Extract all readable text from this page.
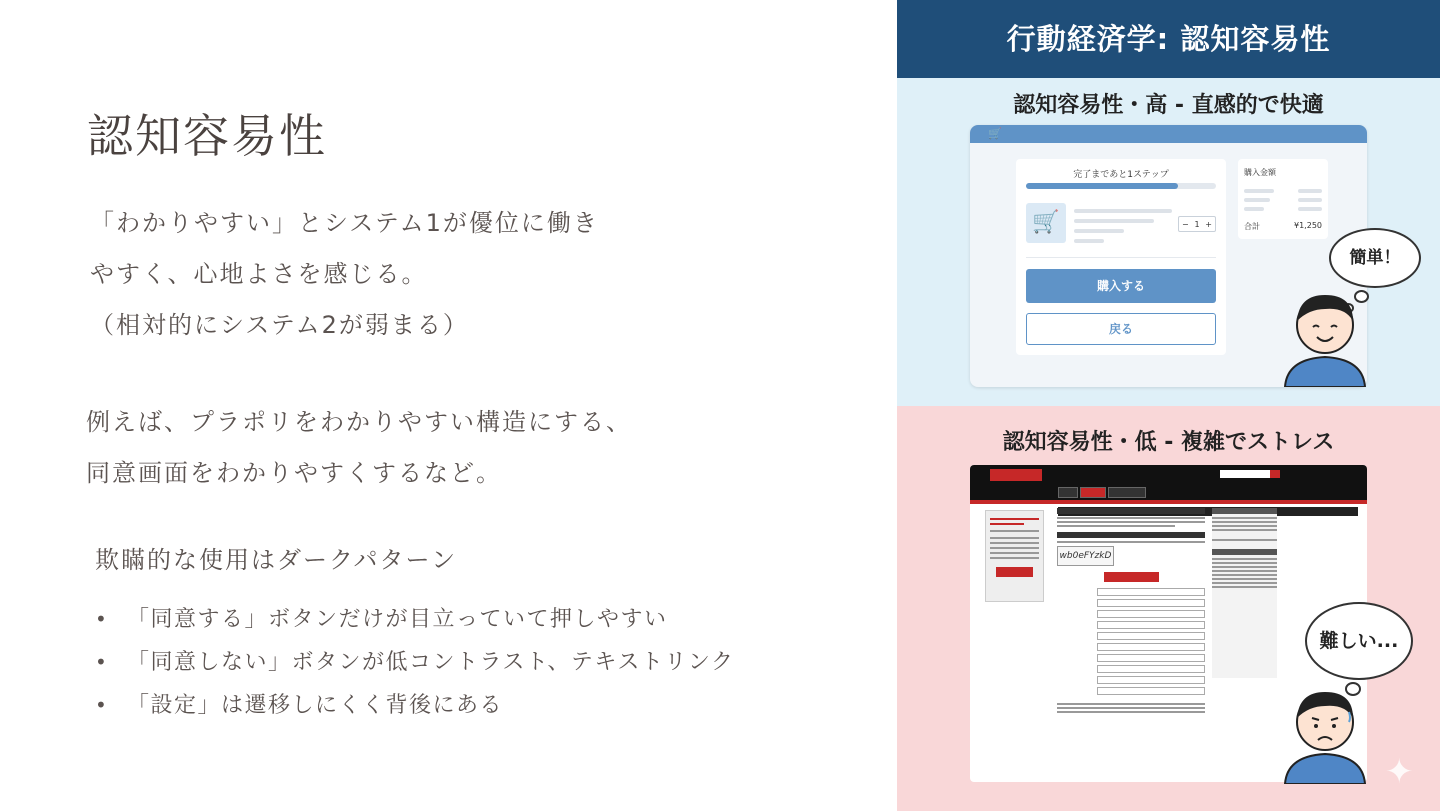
認知容易性
「わかりやすい」とシステム1が優位に働き
やすく、心地よさを感じる。
（相対的にシステム2が弱まる）
例えば、プラポリをわかりやすい構造にする、
同意画面をわかりやすくするなど。
欺瞞的な使用はダークパターン
• 「同意する」ボタンだけが目立っていて押しやすい
• 「同意しない」ボタンが低コントラスト、テキストリンク
• 「設定」は遷移しにくく背後にある
行動経済学: 認知容易性
認知容易性・高 - 直感的で快適
認知容易性・低 - 複雑でストレス
🛒
完了まであと1ステップ
🛒	− 1 +
購入する
戻る
購入金額
合計	¥1,250
簡単！
wb0eFYzkD
難しい...
✦
